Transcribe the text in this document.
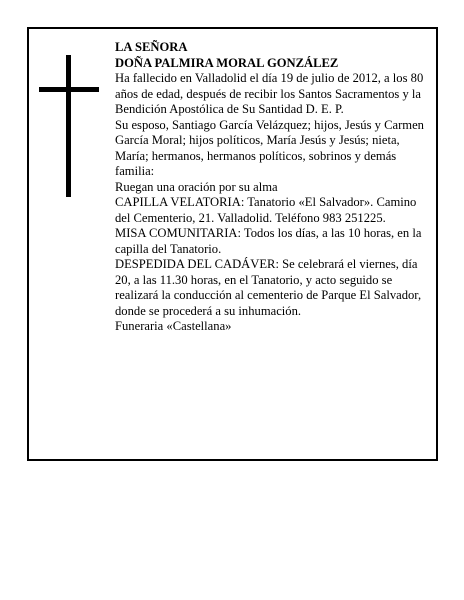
LA SEÑORA

DOÑA PALMIRA MORAL GONZÁLEZ

Ha fallecido en Valladolid el día 19 de julio de 2012, a los 80 años de edad, después de recibir los Santos Sacramentos y la Bendición Apostólica de Su Santidad D. E. P.

Su esposo, Santiago García Velázquez; hijos, Jesús y Carmen García Moral; hijos políticos, María Jesús y Jesús; nieta, María; hermanos, hermanos políticos, sobrinos y demás familia:

Ruegan una oración por su alma

CAPILLA VELATORIA: Tanatorio «El Salvador». Camino del Cementerio, 21. Valladolid. Teléfono 983 251225.

MISA COMUNITARIA: Todos los días, a las 10 horas, en la capilla del Tanatorio.

DESPEDIDA DEL CADÁVER: Se celebrará el viernes, día 20, a las 11.30 horas, en el Tanatorio, y acto seguido se realizará la conducción al cementerio de Parque El Salvador, donde se procederá a su inhumación.

Funeraria «Castellana»
